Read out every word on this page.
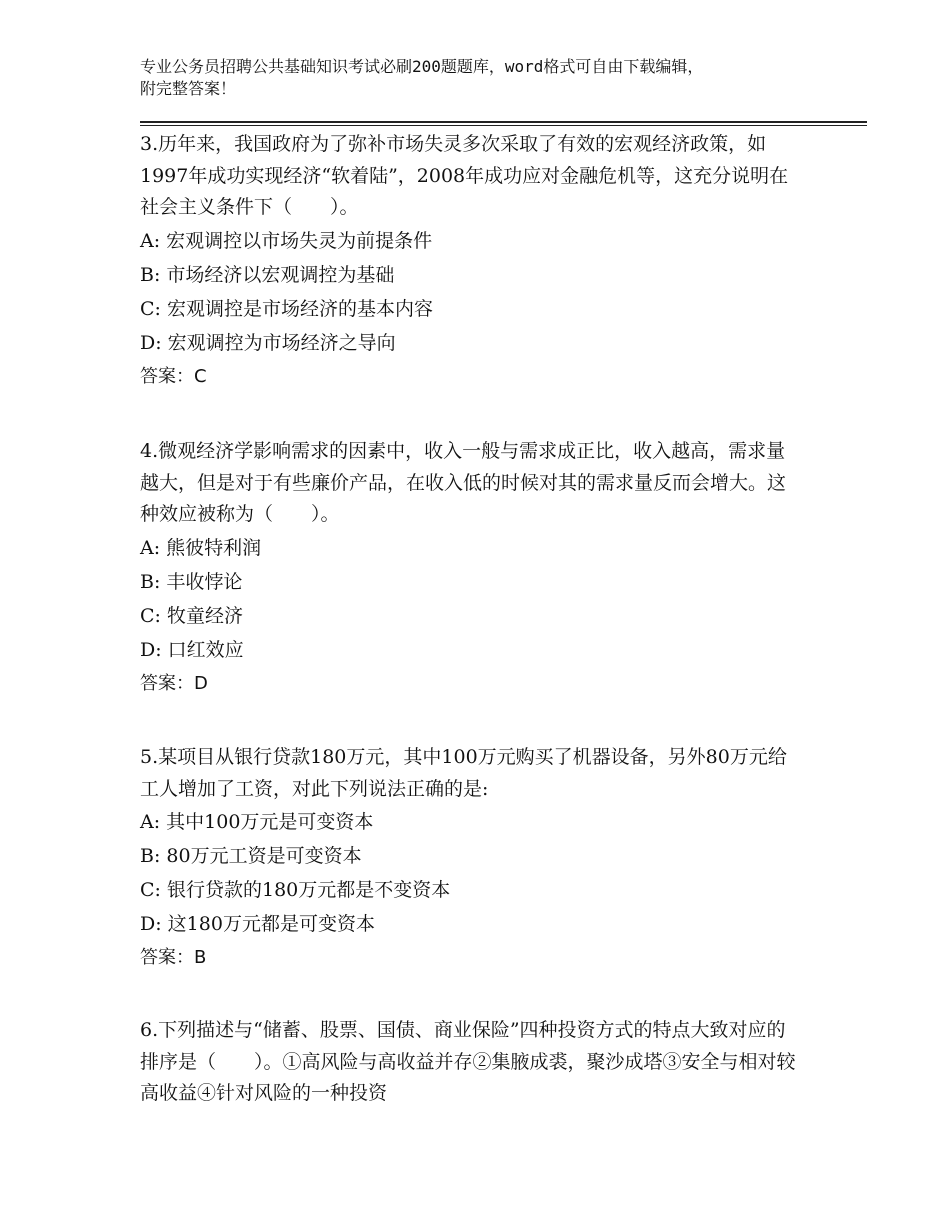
专业公务员招聘公共基础知识考试必刷200题题库，word格式可自由下载编辑，
附完整答案！

3.历年来，我国政府为了弥补市场失灵多次采取了有效的宏观经济政策，如1997年成功实现经济“软着陆”，2008年成功应对金融危机等，这充分说明在社会主义条件下（　　）。

A: 宏观调控以市场失灵为前提条件

B: 市场经济以宏观调控为基础

C: 宏观调控是市场经济的基本内容

D: 宏观调控为市场经济之导向

答案：C

4.微观经济学影响需求的因素中，收入一般与需求成正比，收入越高，需求量越大，但是对于有些廉价产品，在收入低的时候对其的需求量反而会增大。这种效应被称为（　　）。

A: 熊彼特利润

B: 丰收悖论

C: 牧童经济

D: 口红效应

答案：D

5.某项目从银行贷款180万元，其中100万元购买了机器设备，另外80万元给工人增加了工资，对此下列说法正确的是:

A: 其中100万元是可变资本

B: 80万元工资是可变资本

C: 银行贷款的180万元都是不变资本

D: 这180万元都是可变资本

答案：B

6.下列描述与“储蓄、股票、国债、商业保险”四种投资方式的特点大致对应的排序是（　　）。①高风险与高收益并存②集腋成裘，聚沙成塔③安全与相对较高收益④针对风险的一种投资
